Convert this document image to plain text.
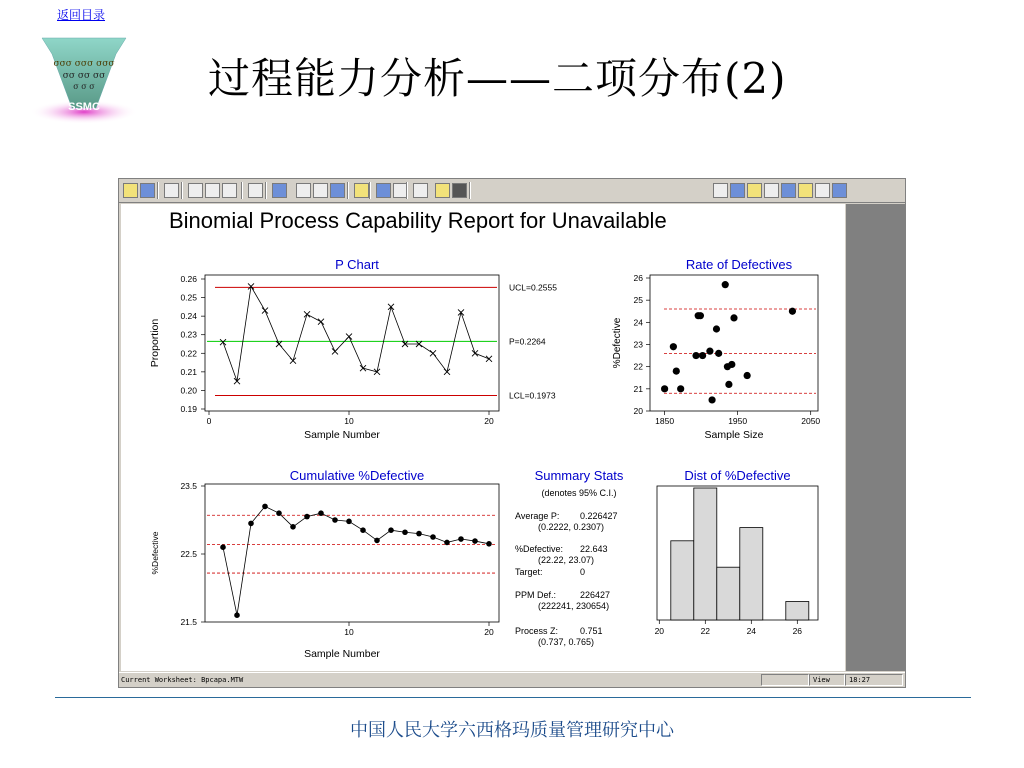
返回目录
σσσ σσσ σσσ
σσ σσ σσ
σ σ σ
SSMC
过程能力分析——二项分布(2)
Binomial Process Capability Report for Unavailable
P Chart
0.19
0.20
0.21
0.22
0.23
0.24
0.25
0.26
0	10	20
Sample Number
Proportion
UCL=0.2555
P=0.2264
LCL=0.1973
Rate of Defectives
20
21
22
23
24
25
26
1850	1950	2050
Sample Size
%Defective
Cumulative %Defective
21.5
22.5
23.5
10	20
Sample Number
%Defective
Summary Stats
(denotes 95% C.I.)
Average P: 0.226427
(0.2222, 0.2307)
%Defective: 22.643
(22.22, 23.07)
Target:	0
PPM Def.:	226427
(222241, 230654)
Process Z: 0.751
(0.737, 0.765)
Dist of %Defective
20	22	24	26
Current Worksheet: Bpcapa.MTW	View	18:27
中国人民大学六西格玛质量管理研究中心
